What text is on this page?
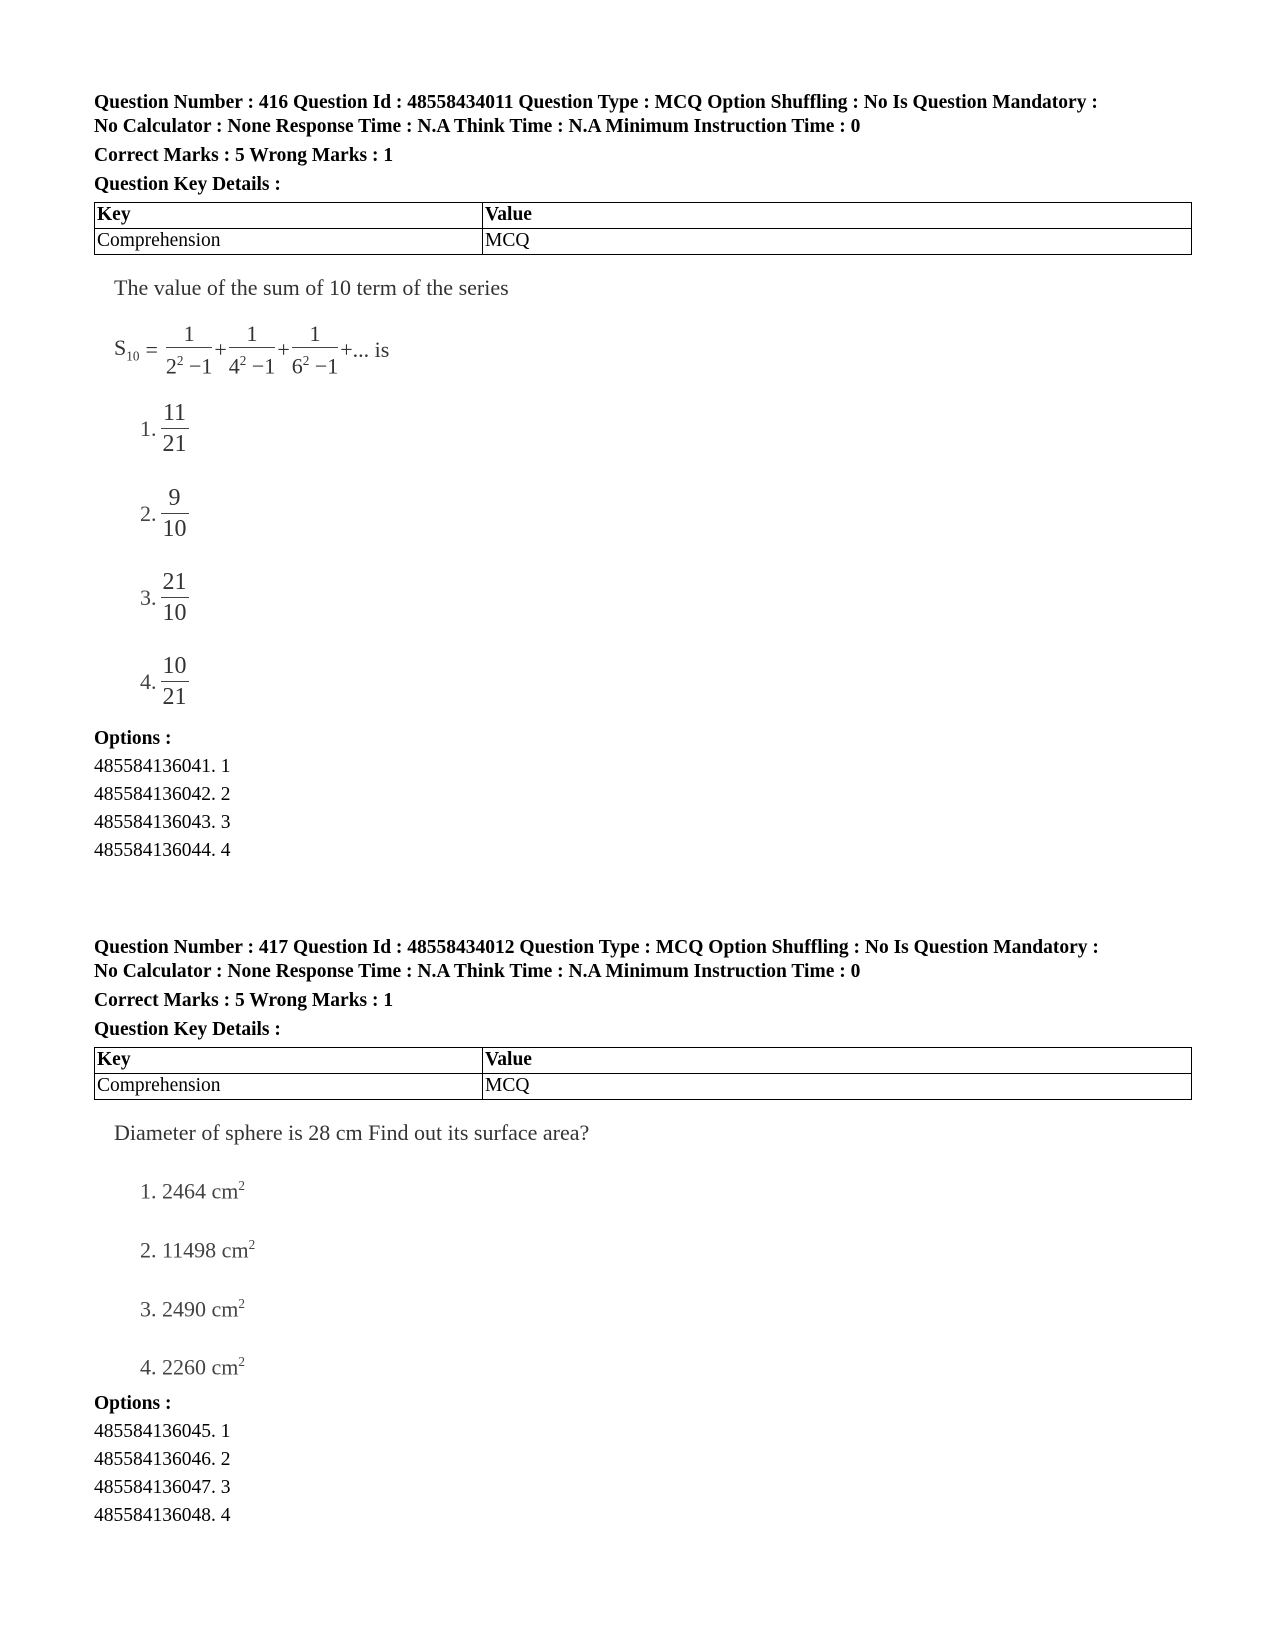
Question Number : 416 Question Id : 48558434011 Question Type : MCQ Option Shuffling : No Is Question Mandatory :
No Calculator : None Response Time : N.A Think Time : N.A Minimum Instruction Time : 0
Correct Marks : 5 Wrong Marks : 1
Question Key Details :
Key	Value
Comprehension	MCQ
The value of the sum of 10 term of the series
$S_{10}$ =
1
$2^2 -1$
+
1
$4^2 -1$
+
1
$6^2 -1$
+... is
1. $\frac{11}{21}$
2. $\frac{9}{10}$
3. $\frac{21}{10}$
4. $\frac{10}{21}$
Options :
485584136041. 1
485584136042. 2
485584136043. 3
485584136044. 4
Question Number : 417 Question Id : 48558434012 Question Type : MCQ Option Shuffling : No Is Question Mandatory :
No Calculator : None Response Time : N.A Think Time : N.A Minimum Instruction Time : 0
Correct Marks : 5 Wrong Marks : 1
Question Key Details :
Key	Value
Comprehension	MCQ
Diameter of sphere is 28 cm Find out its surface area?
1. 2464 $cm^2$
2. 11498 $cm^2$
3. 2490 $cm^2$
4. 2260 $cm^2$
Options :
485584136045. 1
485584136046. 2
485584136047. 3
485584136048. 4
